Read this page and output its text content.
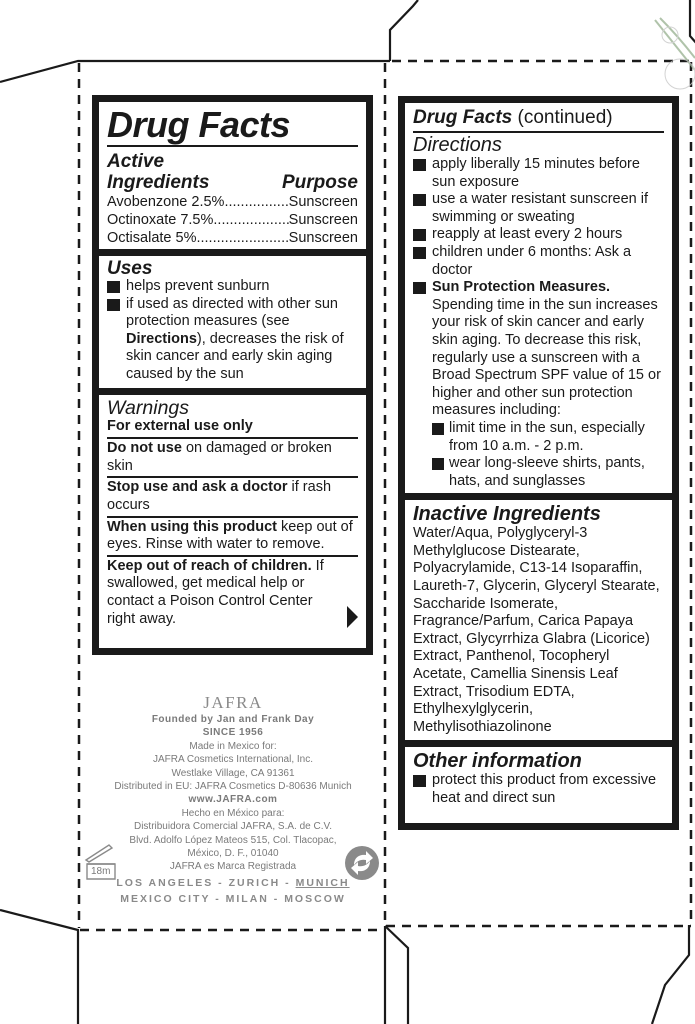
Drug Facts
Active
Ingredients	Purpose
Avobenzone 2.5% .....	Sunscreen
Octinoxate 7.5% .....	Sunscreen
Octisalate 5% .....	Sunscreen
Uses
helps prevent sunburn
if used as directed with other sun protection measures (see Directions), decreases the risk of skin cancer and early skin aging caused by the sun
Warnings
For external use only
Do not use on damaged or broken skin
Stop use and ask a doctor if rash occurs
When using this product keep out of eyes. Rinse with water to remove.
Keep out of reach of children. If swallowed, get medical help or contact a Poison Control Center right away.
JAFRA
Founded by Jan and Frank Day
SINCE 1956
Made in Mexico for:
JAFRA Cosmetics International, Inc.
Westlake Village, CA 91361
Distributed in EU: JAFRA Cosmetics D-80636 Munich
www.JAFRA.com
Hecho en México para:
Distribuidora Comercial JAFRA, S.A. de C.V.
Blvd. Adolfo López Mateos 515, Col. Tlacopac,
México, D. F., 01040
JAFRA es Marca Registrada
LOS ANGELES - ZURICH - MUNICH
MEXICO CITY - MILAN - MOSCOW
18m
Drug Facts (continued)
Directions
apply liberally 15 minutes before sun exposure
use a water resistant sunscreen if swimming or sweating
reapply at least every 2 hours
children under 6 months: Ask a doctor
Sun Protection Measures.
Spending time in the sun increases your risk of skin cancer and early skin aging. To decrease this risk, regularly use a sunscreen with a Broad Spectrum SPF value of 15 or higher and other sun protection measures including:
limit time in the sun, especially from 10 a.m. - 2 p.m.
wear long-sleeve shirts, pants, hats, and sunglasses
Inactive Ingredients
Water/Aqua, Polyglyceryl-3 Methylglucose Distearate, Polyacrylamide, C13-14 Isoparaffin, Laureth-7, Glycerin, Glyceryl Stearate, Saccharide Isomerate, Fragrance/Parfum, Carica Papaya Extract, Glycyrrhiza Glabra (Licorice) Extract, Panthenol, Tocopheryl Acetate, Camellia Sinensis Leaf Extract, Trisodium EDTA, Ethylhexylglycerin, Methylisothiazolinone
Other information
protect this product from excessive heat and direct sun
